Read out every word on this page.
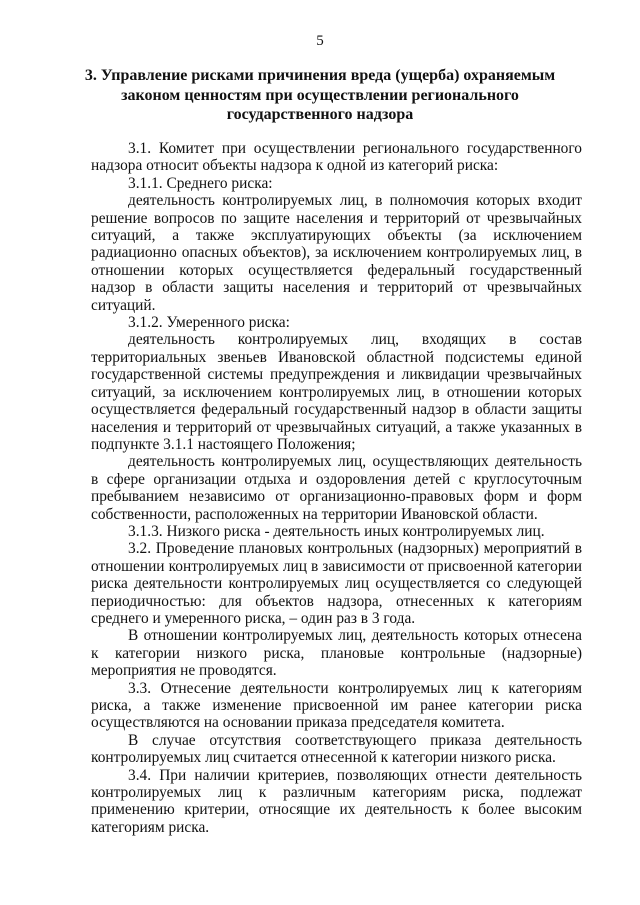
5
3. Управление рисками причинения вреда (ущерба) охраняемым законом ценностям при осуществлении регионального государственного надзора

3.1. Комитет при осуществлении регионального государственного надзора относит объекты надзора к одной из категорий риска:

3.1.1. Среднего риска:

деятельность контролируемых лиц, в полномочия которых входит решение вопросов по защите населения и территорий от чрезвычайных ситуаций, а также эксплуатирующих объекты (за исключением радиационно опасных объектов), за исключением контролируемых лиц, в отношении которых осуществляется федеральный государственный надзор в области защиты населения и территорий от чрезвычайных ситуаций.

3.1.2. Умеренного риска:

деятельность контролируемых лиц, входящих в состав территориальных звеньев Ивановской областной подсистемы единой государственной системы предупреждения и ликвидации чрезвычайных ситуаций, за исключением контролируемых лиц, в отношении которых осуществляется федеральный государственный надзор в области защиты населения и территорий от чрезвычайных ситуаций, а также указанных в подпункте 3.1.1 настоящего Положения;

деятельность контролируемых лиц, осуществляющих деятельность в сфере организации отдыха и оздоровления детей с круглосуточным пребыванием независимо от организационно-правовых форм и форм собственности, расположенных на территории Ивановской области.

3.1.3. Низкого риска - деятельность иных контролируемых лиц.

3.2. Проведение плановых контрольных (надзорных) мероприятий в отношении контролируемых лиц в зависимости от присвоенной категории риска деятельности контролируемых лиц осуществляется со следующей периодичностью: для объектов надзора, отнесенных к категориям среднего и умеренного риска, – один раз в 3 года.

В отношении контролируемых лиц, деятельность которых отнесена к категории низкого риска, плановые контрольные (надзорные) мероприятия не проводятся.

3.3. Отнесение деятельности контролируемых лиц к категориям риска, а также изменение присвоенной им ранее категории риска осуществляются на основании приказа председателя комитета.

В случае отсутствия соответствующего приказа деятельность контролируемых лиц считается отнесенной к категории низкого риска.

3.4. При наличии критериев, позволяющих отнести деятельность контролируемых лиц к различным категориям риска, подлежат применению критерии, относящие их деятельность к более высоким категориям риска.
